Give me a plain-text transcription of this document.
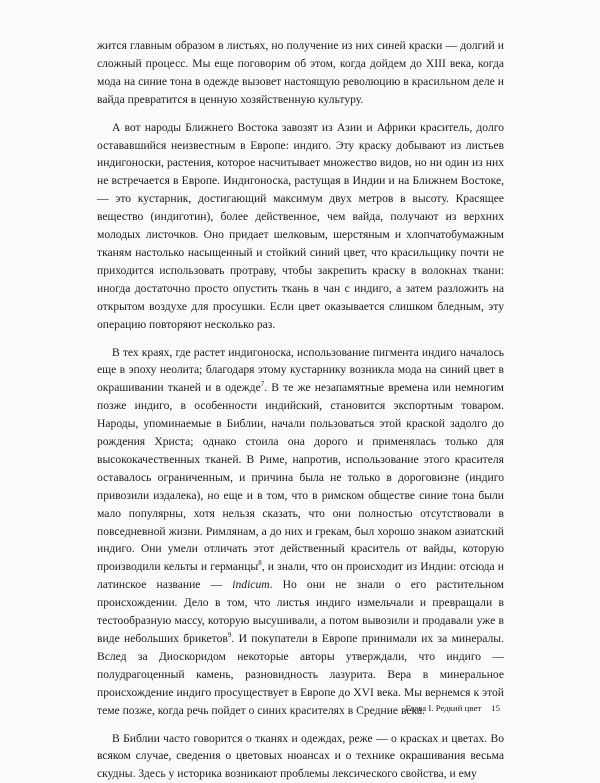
жится главным образом в листьях, но получение из них синей краски — долгий и сложный процесс. Мы еще поговорим об этом, когда дойдем до XIII века, когда мода на синие тона в одежде вызовет настоящую революцию в красильном деле и вайда превратится в ценную хозяйственную культуру.

А вот народы Ближнего Востока завозят из Азии и Африки краситель, долго остававшийся неизвестным в Европе: индиго. Эту краску добывают из листьев индигоноски, растения, которое насчитывает множество видов, но ни один из них не встречается в Европе. Индигоноска, растущая в Индии и на Ближнем Востоке, — это кустарник, достигающий максимум двух метров в высоту. Красящее вещество (индиготин), более действенное, чем вайда, получают из верхних молодых листочков. Оно придает шелковым, шерстяным и хлопчатобумажным тканям настолько насыщенный и стойкий синий цвет, что красильщику почти не приходится использовать протраву, чтобы закрепить краску в волокнах ткани: иногда достаточно просто опустить ткань в чан с индиго, а затем разложить на открытом воздухе для просушки. Если цвет оказывается слишком бледным, эту операцию повторяют несколько раз.

В тех краях, где растет индигоноска, использование пигмента индиго началось еще в эпоху неолита; благодаря этому кустарнику возникла мода на синий цвет в окрашивании тканей и в одежде$^7$. В те же незапамятные времена или немногим позже индиго, в особенности индийский, становится экспортным товаром. Народы, упоминаемые в Библии, начали пользоваться этой краской задолго до рождения Христа; однако стоила она дорого и применялась только для высококачественных тканей. В Риме, напротив, использование этого красителя оставалось ограниченным, и причина была не только в дороговизне (индиго привозили издалека), но еще и в том, что в римском обществе синие тона были мало популярны, хотя нельзя сказать, что они полностью отсутствовали в повседневной жизни. Римлянам, а до них и грекам, был хорошо знаком азиатский индиго. Они умели отличать этот действенный краситель от вайды, которую производили кельты и германцы$^8$, и знали, что он происходит из Индии: отсюда и латинское название — indicum. Но они не знали о его растительном происхождении. Дело в том, что листья индиго измельчали и превращали в тестообразную массу, которую высушивали, а потом вывозили и продавали уже в виде небольших брикетов$^9$. И покупатели в Европе принимали их за минералы. Вслед за Диоскоридом некоторые авторы утверждали, что индиго — полудрагоценный камень, разновидность лазурита. Вера в минеральное происхождение индиго просуществует в Европе до XVI века. Мы вернемся к этой теме позже, когда речь пойдет о синих красителях в Средние века.

В Библии часто говорится о тканях и одеждах, реже — о красках и цветах. Во всяком случае, сведения о цветовых нюансах и о технике окрашивания весьма скудны. Здесь у историка возникают проблемы лексического свойства, и ему

Глава I. Редкий цвет 15
